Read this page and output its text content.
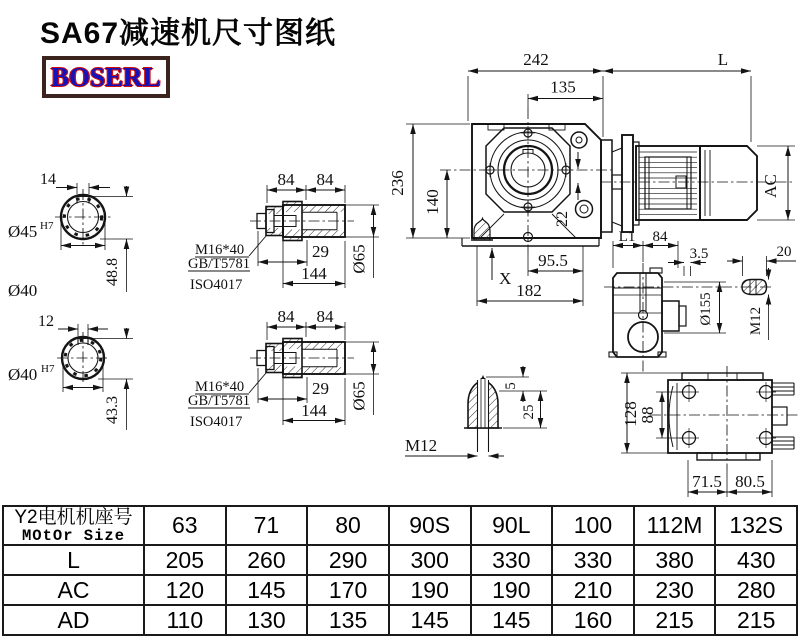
SA67减速机尺寸图纸
BOSERL
14
Ø45 H7
48.8
Ø40
12
Ø40 H7
43.3
84 84
29
144 Ø65
M16*40
GB/T5781
ISO4017
84 84
29
144 Ø65
M16*40
GB/T5781
ISO4017
242	L
135
236
140
AC
22
X
95.5
182
L1 84
3.5
Ø155
20
M12
M12
5
25	128
88
71.5 80.5
Y2电机机座号
MOtOr Size	63	71	80	90S	90L	100	112M	132S
L	205	260	290	300	330	330	380	430
AC	120	145	170	190	190	210	230	280
AD	110	130	135	145	145	160	215	215
